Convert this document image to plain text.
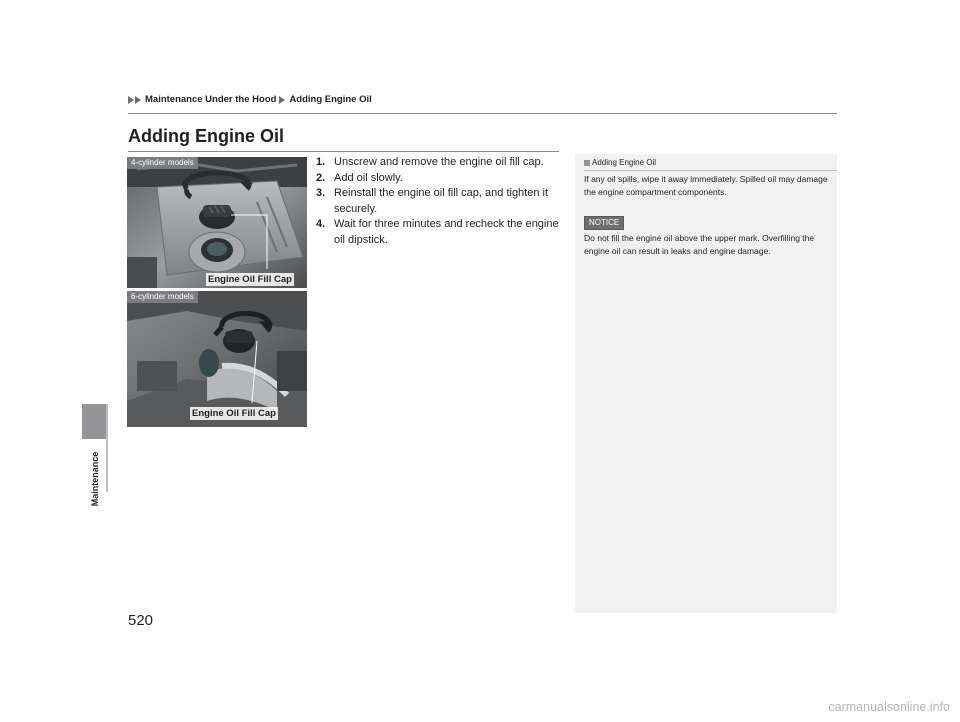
Maintenance Under the Hood Adding Engine Oil
Maintenance
520
Adding Engine Oil
4-cylinder models
Engine Oil Fill Cap
6-cylinder models
Engine Oil Fill Cap
1. Unscrew and remove the engine oil fill cap.
2. Add oil slowly.
3. Reinstall the engine oil fill cap, and tighten it securely.
4. Wait for three minutes and recheck the engine oil dipstick.
Adding Engine Oil
If any oil spills, wipe it away immediately. Spilled oil may damage the engine compartment components.
NOTICE
Do not fill the engine oil above the upper mark. Overfilling the engine oil can result in leaks and engine damage.
carmanualsonline.info
